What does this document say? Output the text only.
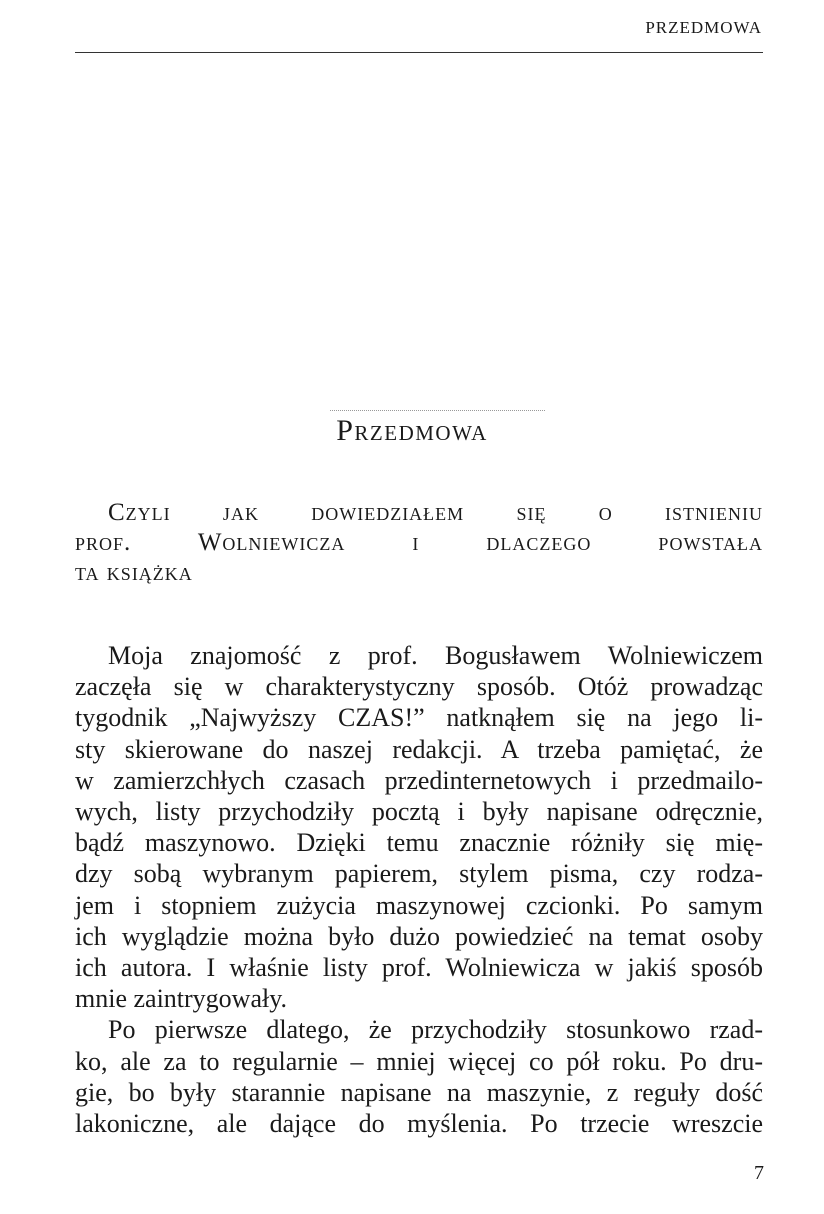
PRZEDMOWA
Przedmowa
Czyli jak dowiedziałem się o istnieniu
prof. Wolniewicza i dlaczego powstała
ta książka
Moja znajomość z prof. Bogusławem Wolniewiczem
zaczęła się w charakterystyczny sposób. Otóż prowadząc
tygodnik „Najwyższy CZAS!” natknąłem się na jego li-
sty skierowane do naszej redakcji. A trzeba pamiętać, że
w zamierzchłych czasach przedinternetowych i przedmailo-
wych, listy przychodziły pocztą i były napisane odręcznie,
bądź maszynowo. Dzięki temu znacznie różniły się mię-
dzy sobą wybranym papierem, stylem pisma, czy rodza-
jem i stopniem zużycia maszynowej czcionki. Po samym
ich wyglądzie można było dużo powiedzieć na temat osoby
ich autora. I właśnie listy prof. Wolniewicza w jakiś sposób
mnie zaintrygowały.
Po pierwsze dlatego, że przychodziły stosunkowo rzad-
ko, ale za to regularnie – mniej więcej co pół roku. Po dru-
gie, bo były starannie napisane na maszynie, z reguły dość
lakoniczne, ale dające do myślenia. Po trzecie wreszcie
7
